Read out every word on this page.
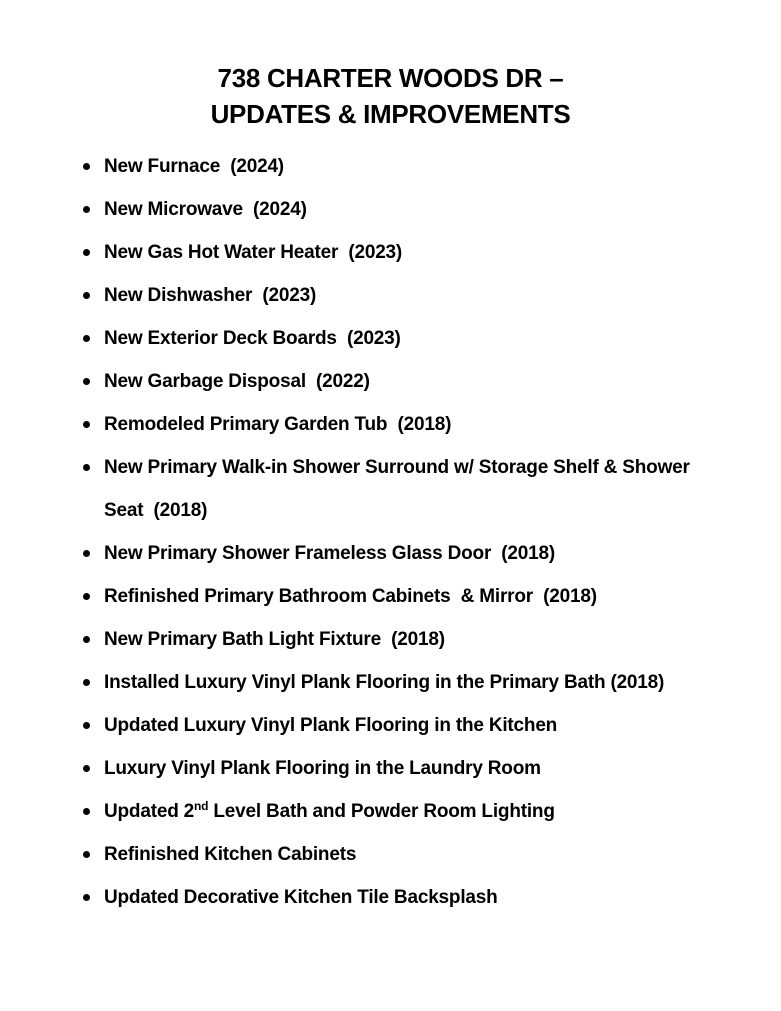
738 CHARTER WOODS DR –
UPDATES & IMPROVEMENTS
New Furnace  (2024)
New Microwave  (2024)
New Gas Hot Water Heater  (2023)
New Dishwasher  (2023)
New Exterior Deck Boards  (2023)
New Garbage Disposal  (2022)
Remodeled Primary Garden Tub  (2018)
New Primary Walk-in Shower Surround w/ Storage Shelf & Shower Seat  (2018)
New Primary Shower Frameless Glass Door  (2018)
Refinished Primary Bathroom Cabinets  & Mirror  (2018)
New Primary Bath Light Fixture  (2018)
Installed Luxury Vinyl Plank Flooring in the Primary Bath (2018)
Updated Luxury Vinyl Plank Flooring in the Kitchen
Luxury Vinyl Plank Flooring in the Laundry Room
Updated 2nd Level Bath and Powder Room Lighting
Refinished Kitchen Cabinets
Updated Decorative Kitchen Tile Backsplash
